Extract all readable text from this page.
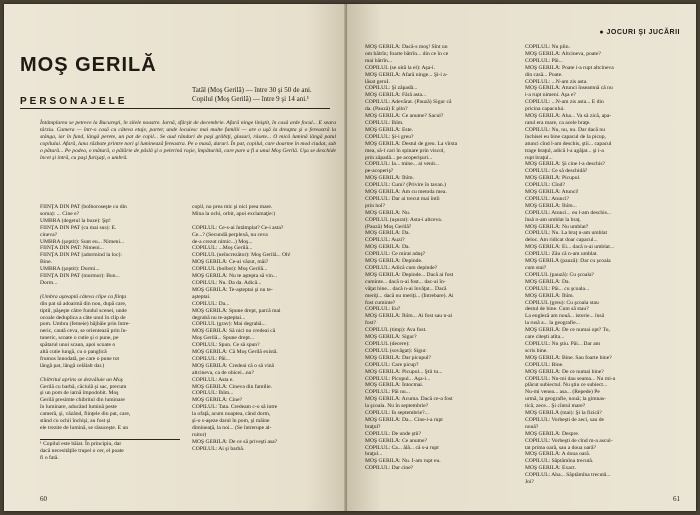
MOŞ GERILĂ
PERSONAJELE
Tatăl (Moş Gerilă) — între 30 şi 50 de ani.
Copilul (Moş Gerilă) — între 9 şi 14 ani.¹
Întâmplarea se petrece la Bucureşti, în zilele noastre. Iarnă, sfârşit de decembrie. Afară ninge liniştit, în casă arde focul... E seara târziu. Camera — într-o casă cu câteva etaje, parter, unde locuiesc mai multe familii — are o uşă la dreapta şi o fereastră la stânga, iar în fund, lângă perete, un pat de copil... Se aud rânduri de paşi grăbiţi, glasuri, râsete... O mică lumină lângă patul copilului. Afară, luna răzbate printre nori şi luminează fereastra. Pe o masă, daruri. În pat, copilul, care doarme în mod ciudat, sub o pătură... Pe podea, o mătură, o pălărie de pâslă şi o pelerină roşie, împăturită, care pare a fi a unui Moş Gerilă. Uşa se deschide încet şi intră, cu paşi furişaţi, o umbră.
FIINŢA DIN PAT (bolboroseşte cu din
soma): ... Cine e?
UMBRA (degetul la buze): Şşt!
FIINŢA DIN PAT (ca mai sus): E.
cineva?
UMBRA (şoptit): Sunt eu... Nimeni...
FIINŢA DIN PAT: Nimeni...
FIINŢA DIN PAT (adormind la loc):
Bine.
UMBRA (şoptit): Dormi...
FIINŢA DIN PAT (murmur): Bun...
Dorm...

(Umbra aşteaptă câteva clipe ca fiinţa
din pat să adoarmă din nou, după care,
tiptil, păşeşte către fundul scenei, unde
ocoale deduplica a câte unul în clip de
pom. Umbra (femeie) bâjbâie prin între-
neric, caută ceva, se orientează prin în-
tuneric, scoate o cutie şi o pune, pe
spătarul unui scaun, apoi scoate o
altă cutie lungă, cu o panglică
frumos înnodată, pe care o pune tot
lângă pat, lângă celălalt dar.)

Chibritul aprins se dezvăluie un Moş
Gerilă cu barbă, căciulă şi sac, precum
şi un pom de iarnă împodobit. Moş
Gerilă presimte chibritul din luminare
în luminare, aducând lumină peste
cameră, şi, văzând, fiinţele din pat, care,
stând cu ochii închişi, au fost şi
ele trezite de lumină, se răsuceşte. E un

¹ Copilul este băiat. În principiu, dar
dacă necesităţile trupei o cer, el poate
fi o fată.
copil, nu prea mic şi nici prea mare.
Mina la ochi, orbit, apoi exclamaţie:)

COPILUL: Ce-s-ai întâmplat? Ce-i asta?
Ce...? (Secundă perplexă, nu ceva
de-a crezut nimic...) Moş...
COPILUL: ...Moş Gerilă...
COPILUL (neîncrezător): Moş Gerilă... Oh!
MOŞ GERILĂ: Ce-ai văzut, măi?
COPILUL (bolbot): Moş Gerilă...
MOŞ GERILĂ: Nu te aştepta să vin...
COPILUL: Nu. Da da. Adică...
MOŞ GERILĂ: Te-aşteptai şi nu te-
aşteptai.
COPILUL: Da...
MOŞ GERILĂ: Spune drept, parcă mai
degrabă nu te-aşteptai...
COPILUL (grav): Mai degrabă...
MOŞ GERILĂ: Să nici nu credeai că
Moş Gerilă... Spune drept...
COPILUL: Spun. Ce să spun?
MOŞ GERILĂ: Că Moş Gerilă există.
COPILUL: Păi...
MOŞ GERILĂ: Credeai că o să vină
altcineva, ca de obicei...nu?
COPILUL: Asta e.
MOŞ GERILĂ: Cineva din familie.
COPILUL: Îhîm...
MOŞ GERILĂ: Cine?
COPILUL: Tata. Credeam c-o să intre
la ofaţă, acum noaptea, când dorm,
şi-o s-aşeze darul în pom, şi mâine
dimineaţă, la noi... (Se întrerupe al-
ruitor)
MOŞ GERILĂ: De ce să priveşti asa?
COPILUL: Ai şi barbă.
60
● JOCURI ŞI JUCĂRII
MOŞ GERILĂ: Dacă-s moş! Sînt un
om bătrîn; foarte bătrîn... din ce în ce
mai bătrîn...
COPILUL (se uită la el): Aşa-i.
MOŞ GERILĂ: Afară ninge... Şi-i a-
lăsat geruI.
COPILUL: Şi zăpadă...
MOŞ GERILĂ: Fără asta...
COPILUL: Adevărat. (Pauză) Sigur că
da. (Pauză) E plin?
MOŞ GERILĂ: Ce anume? Sacul?
COPILUL: Îhîm.
MOŞ GERILĂ: Este.
COPILUL: Şi-i greu?
MOŞ GERILĂ: Destul de greu. La vîrsta
mea, să-l cari în spinare prin viscol,
prin zăpadă... pe acoperişuri...
COPILUL: Ia... mine... ai venit...
pe-acoperiş?
MOŞ GERILĂ: Îhîm.
COPILUL: Cum? (Privire în tavan.)
MOŞ GERILĂ: Am cu metoda mea.
COPILUL: Dar ai trecut mai întîi
prin hol?
MOŞ GERILĂ: Nu.
COPILUL (uşurat): Asta-i altceva.
(Pauză) Moş Gerilă?
MOŞ GERILĂ: Da.
COPILUL: Auzi?
MOŞ GERILĂ: Da.
COPILUL: Ce mirat aduş?
MOŞ GERILĂ: Depinde.
COPILUL: Adică cum depinde?
MOŞ GERILĂ: Depinde... Dacă ai fost
cuminte... dacă n-ai fost... dac-ai în-
văţat bine... dacă n-ai învăţat... Dacă
meriţi... dacă nu meriţi... (Întrebare). Ai
fost cuminte?
COPILUL: Eu?
MOŞ GERILĂ: Îhîm... Ai fost sau n-ai
fost?
COPILUL (timp): Ava fost.
MOŞ GERILĂ: Sigur?
COPILUL (decere):
COPILUL (sovăgat): Sigur.
MOŞ GERILĂ: Dar picupul?
COPILUL: Care picup?
MOŞ GERILĂ: Picupul... Ştii tu...
COPILUL: Picupul... Aşa-i...
MOŞ GERILĂ: Întocmai.
COPILUL: Păi nu...
MOŞ GERILĂ: Acuma. Dacă ce-a fost
la şcoala. Nu în septembrie?
COPILUL: În septembrie?...
MOŞ GERILĂ: Da... Cine-i-a rupt
braţul?
COPILUL: De unde ştii?
MOŞ GERILĂ: Ce anume?
COPILUL: Ca... ălă... că s-a rupt
braţul...
MOŞ GERILĂ: Nu. I-am rupt eu.
COPILUL: Dar cine?
COPILUL: Nu plin.
MOŞ GERILĂ: Altcineva, poate?
COPILUL: Păi...
MOŞ GERILĂ: Poate i-a rupt altcineva
din casă... Poate.
COPILUL: ...N-am zis asta.
MOŞ GERILĂ: Atunci înseamnă că nu
i-a rupt nimeni. Aşa e?
COPILUL: ...N-am zis asta... E din
pricina capacului.
MOŞ GERILĂ: Aha... Va să zică, apa-
ratul era mare, ca acele braţe.
COPILUL: Nu, nu, nu. Dar dacă nu
închisei eu bine capacul de la picup,
atunci cînd l-am deschis, ştii... capacul
trage braţul, adică l-a agăţat... şi i-a
rupt braţul...
MOŞ GERILĂ: Şi cine l-a deschis?
COPILUL: Ce să deschidă?
MOŞ GERILĂ: Picupul.
COPILUL: Cînd?
MOŞ GERILĂ: Atunci!
COPILUL: Atunci?
MOŞ GERILĂ: Îhîm...
COPILUL: Atunci... eu l-am deschis...
însă n-am umblat la braţ.
MOŞ GERILĂ: Nu umblat?
COPILUL: Nu. La braţ n-am umblat
deloc. Am ridicat doar capacul...
MOŞ GERILĂ: Ei... dacă n-ai umblat...
COPILUL: Zău că n-am umblat.
MOŞ GERILĂ (pauză): Dar cu şcoala
cum stai?
COPILUL (pauză): Cu şcoala?
MOŞ GERILĂ: Da.
COPILUL: Păi... cu şcoala...
MOŞ GERILĂ: Îhîm.
COPILUL (greu): Cu şcoala stau
destul de bine. Cum să stau?
La engleză am nouă... istorie... însă
la rusă a... la geografie...
MOŞ GERILĂ: De ce numai opt? Tu,
care citeşti atîta...
COPILUL: Nu ştiu. Păi... Dar am
scris bine.
MOŞ GERILĂ: Bine. Sau foarte bine?
COPILUL: Bine.
MOŞ GERILĂ: De ce numai bine?
COPILUL: Nu-mi dau seama... Nu mi-a
plăcut subiectul. Nu ştiu ce subiect...
Nu-mi venea... asa... (Repede) Pe
urmă, la geografie, nouă; la gimnas-
tică, zece... Şi cîntul mare?
MOŞ GERILĂ (mai): Şi la fizică?
COPILUL: Vorbeşti de zeci, sau de
nouă?
MOŞ GERILĂ: Despre.
COPILUL: Vorbeşti de cînd m-a ascul-
tat prima oară, sau a doua oară?
MOŞ GERILĂ: A doua oară.
COPILUL: Săptămîna trecută.
MOŞ GERILĂ: Exact.
COPILUL: Aha... Săptămîna trecută...
Joi?
61
